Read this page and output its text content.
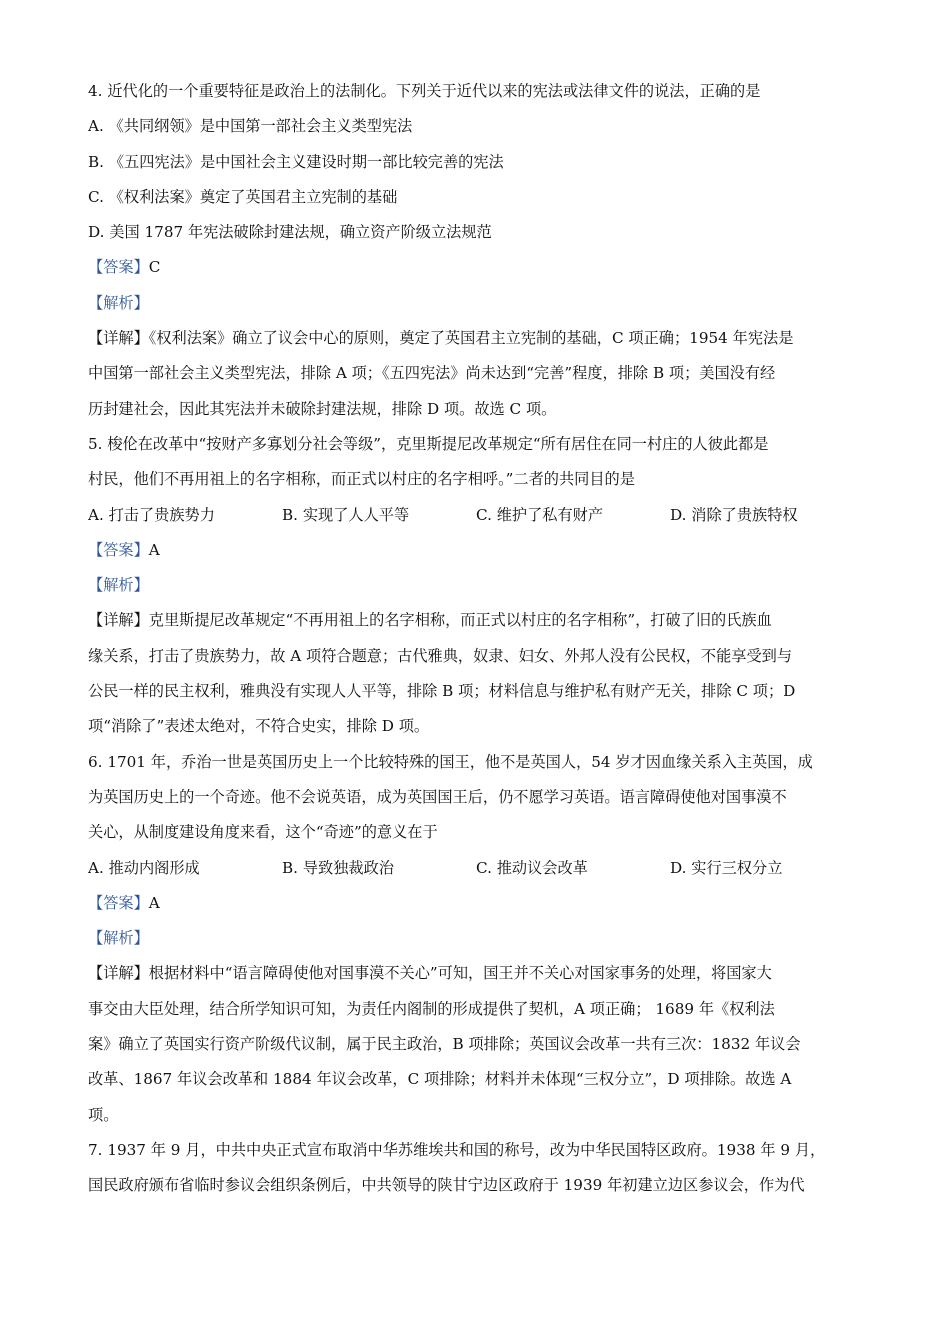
4. 近代化的一个重要特征是政治上的法制化。下列关于近代以来的宪法或法律文件的说法，正确的是
A. 《共同纲领》是中国第一部社会主义类型宪法
B. 《五四宪法》是中国社会主义建设时期一部比较完善的宪法
C. 《权利法案》奠定了英国君主立宪制的基础
D. 美国 1787 年宪法破除封建法规，确立资产阶级立法规范
【答案】C
【解析】
【详解】《权利法案》确立了议会中心的原则，奠定了英国君主立宪制的基础，C 项正确；1954 年宪法是
中国第一部社会主义类型宪法，排除 A 项；《五四宪法》尚未达到“完善”程度，排除 B 项；美国没有经
历封建社会，因此其宪法并未破除封建法规，排除 D 项。故选 C 项。
5. 梭伦在改革中“按财产多寡划分社会等级”，克里斯提尼改革规定“所有居住在同一村庄的人彼此都是
村民，他们不再用祖上的名字相称，而正式以村庄的名字相呼。”二者的共同目的是
A. 打击了贵族势力	B. 实现了人人平等	C. 维护了私有财产	D. 消除了贵族特权
【答案】A
【解析】
【详解】克里斯提尼改革规定“不再用祖上的名字相称，而正式以村庄的名字相称”，打破了旧的氏族血
缘关系，打击了贵族势力，故 A 项符合题意；古代雅典，奴隶、妇女、外邦人没有公民权，不能享受到与
公民一样的民主权利，雅典没有实现人人平等，排除 B 项；材料信息与维护私有财产无关，排除 C 项；D
项“消除了”表述太绝对，不符合史实，排除 D 项。
6. 1701 年，乔治一世是英国历史上一个比较特殊的国王，他不是英国人，54 岁才因血缘关系入主英国，成
为英国历史上的一个奇迹。他不会说英语，成为英国国王后，仍不愿学习英语。语言障碍使他对国事漠不
关心，从制度建设角度来看，这个“奇迹”的意义在于
A. 推动内阁形成	B. 导致独裁政治	C. 推动议会改革	D. 实行三权分立
【答案】A
【解析】
【详解】根据材料中“语言障碍使他对国事漠不关心”可知，国王并不关心对国家事务的处理，将国家大
事交由大臣处理，结合所学知识可知，为责任内阁制的形成提供了契机，A 项正确； 1689 年《权利法
案》确立了英国实行资产阶级代议制，属于民主政治，B 项排除；英国议会改革一共有三次：1832 年议会
改革、1867 年议会改革和 1884 年议会改革，C 项排除；材料并未体现“三权分立”，D 项排除。故选 A
项。
7. 1937 年 9 月，中共中央正式宣布取消中华苏维埃共和国的称号，改为中华民国特区政府。1938 年 9 月，
国民政府颁布省临时参议会组织条例后，中共领导的陕甘宁边区政府于 1939 年初建立边区参议会，作为代
